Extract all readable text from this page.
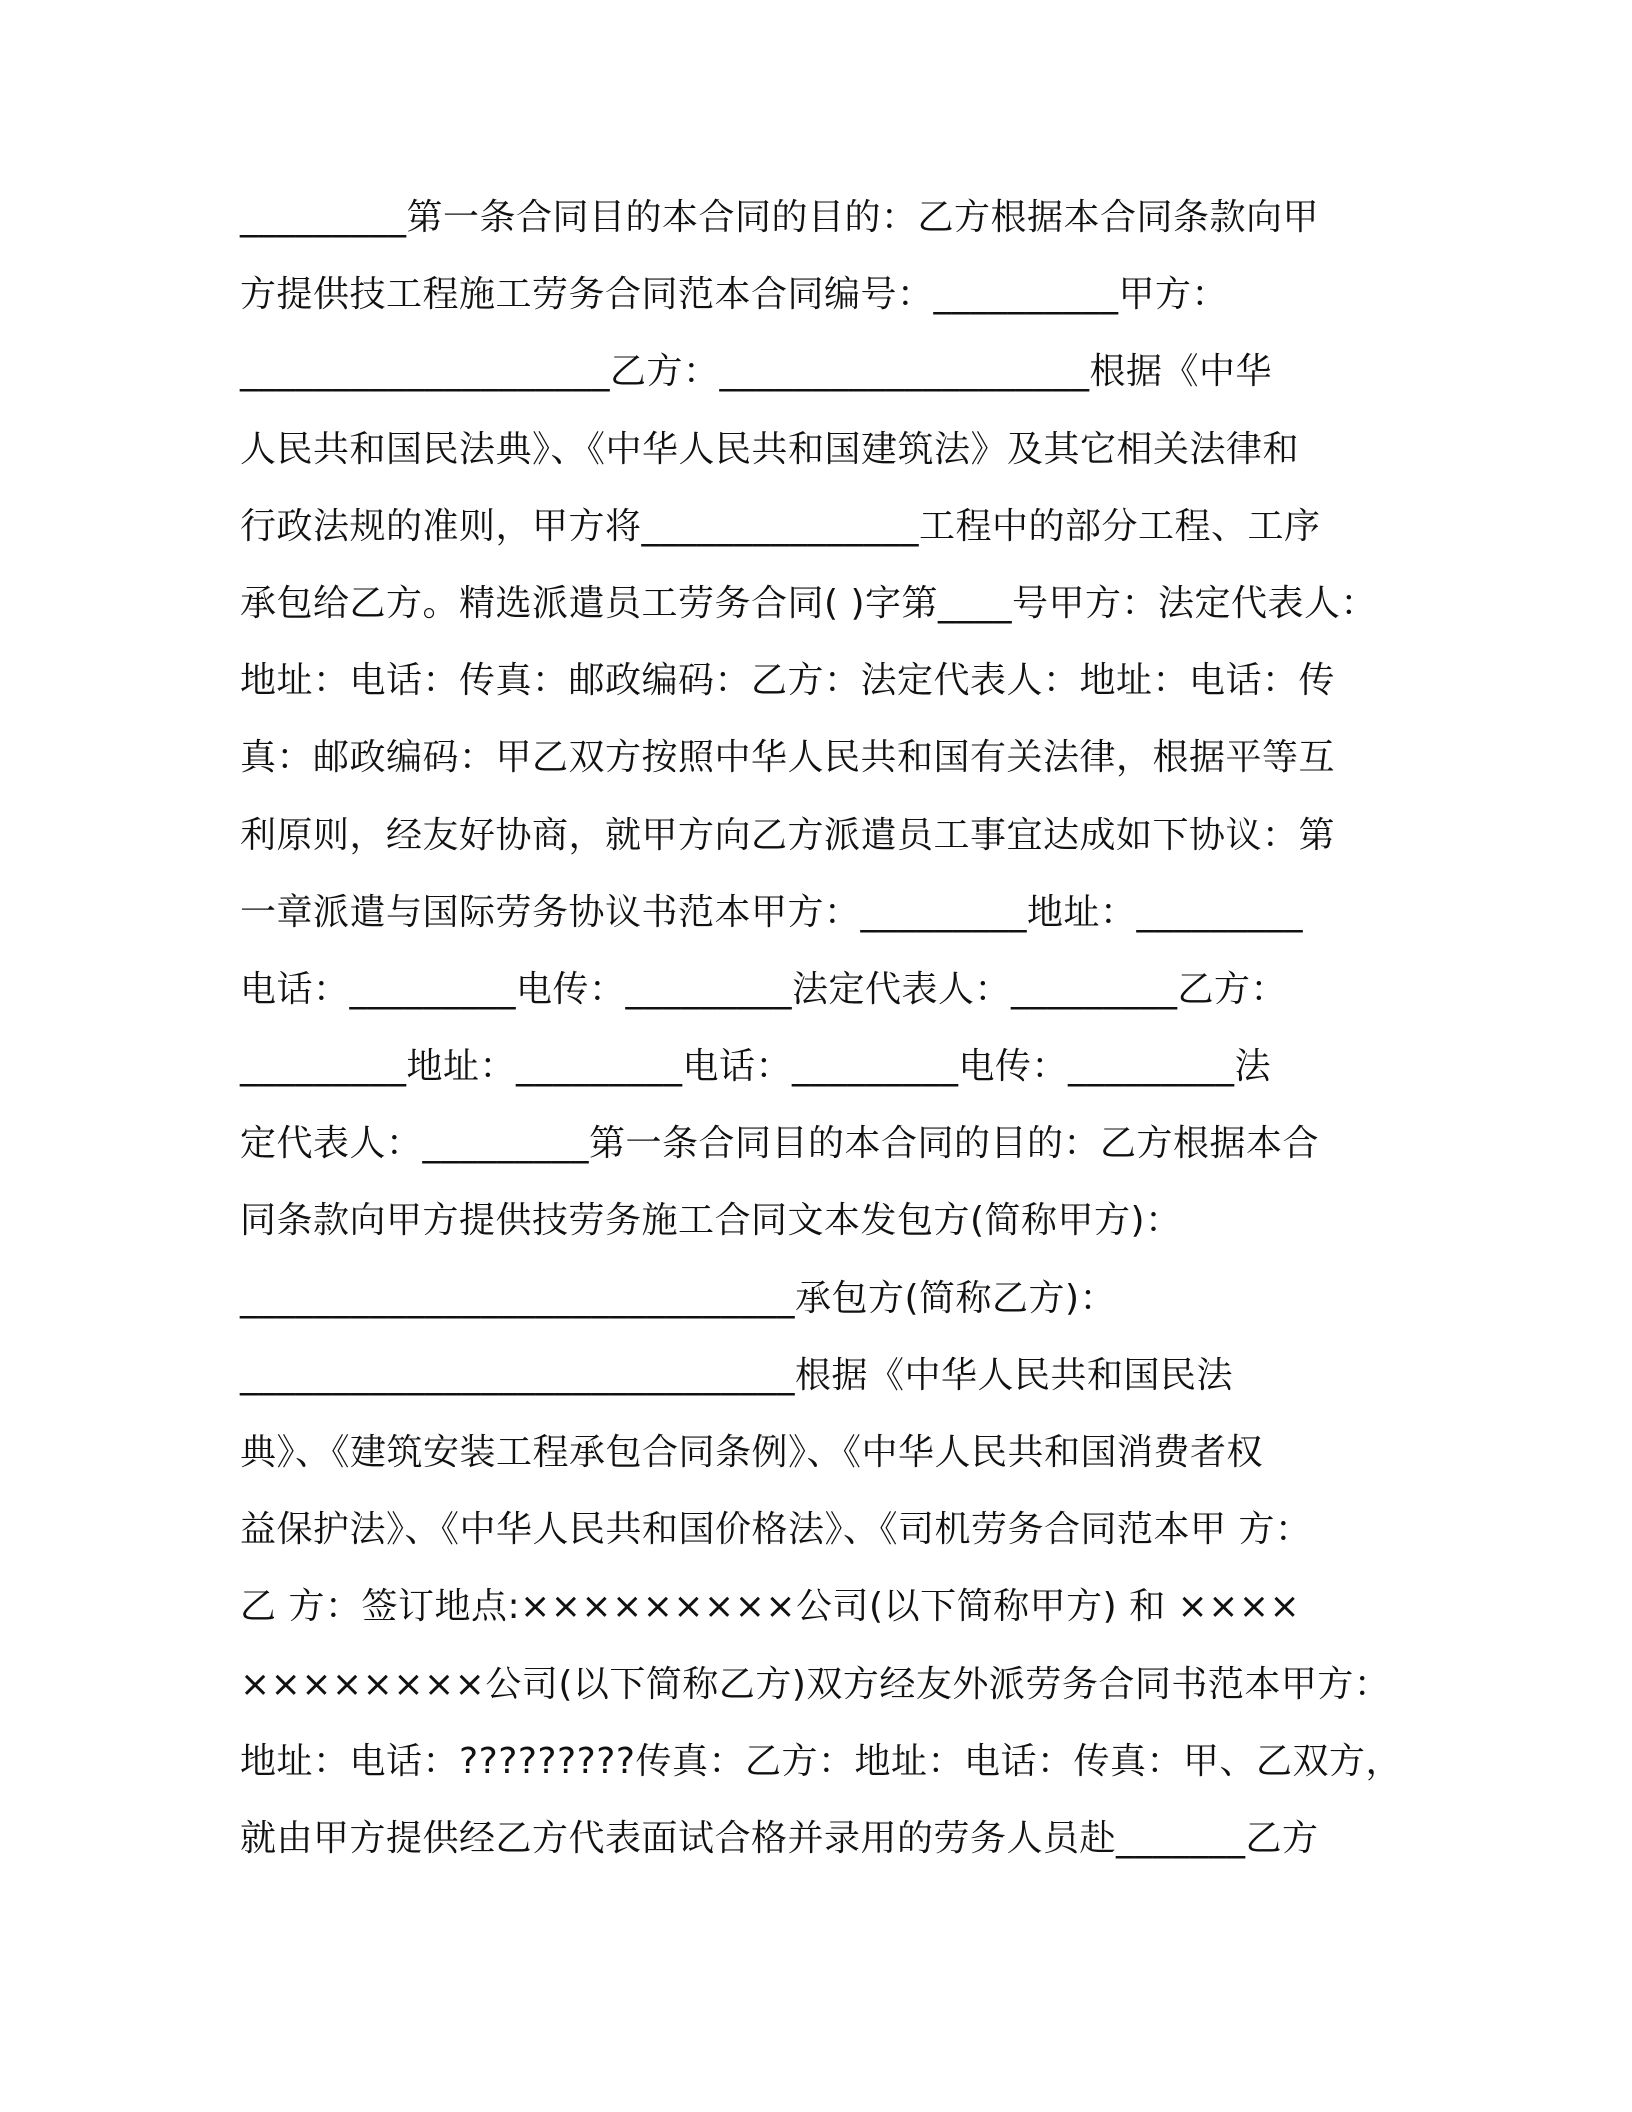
_________第一条合同目的本合同的目的：乙方根据本合同条款向甲
方提供技工程施工劳务合同范本合同编号：__________甲方：
____________________乙方：____________________根据《中华
人民共和国民法典》、《中华人民共和国建筑法》及其它相关法律和
行政法规的准则，甲方将_______________工程中的部分工程、工序
承包给乙方。精选派遣员工劳务合同( )字第____号甲方：法定代表人：
地址：电话：传真：邮政编码：乙方：法定代表人：地址：电话：传
真：邮政编码：甲乙双方按照中华人民共和国有关法律，根据平等互
利原则，经友好协商，就甲方向乙方派遣员工事宜达成如下协议：第
一章派遣与国际劳务协议书范本甲方：_________地址：_________
电话：_________电传：_________法定代表人：_________乙方：
_________地址：_________电话：_________电传：_________法
定代表人：_________第一条合同目的本合同的目的：乙方根据本合
同条款向甲方提供技劳务施工合同文本发包方(简称甲方)：
______________________________承包方(简称乙方)：
______________________________根据《中华人民共和国民法
典》、《建筑安装工程承包合同条例》、《中华人民共和国消费者权
益保护法》、《中华人民共和国价格法》、《司机劳务合同范本甲 方：
乙 方：签订地点:×××××××××公司(以下简称甲方) 和 ××××
××××××××公司(以下简称乙方)双方经友外派劳务合同书范本甲方：
地址：电话：?????????传真：乙方：地址：电话：传真：甲、乙双方，
就由甲方提供经乙方代表面试合格并录用的劳务人员赴_______乙方
